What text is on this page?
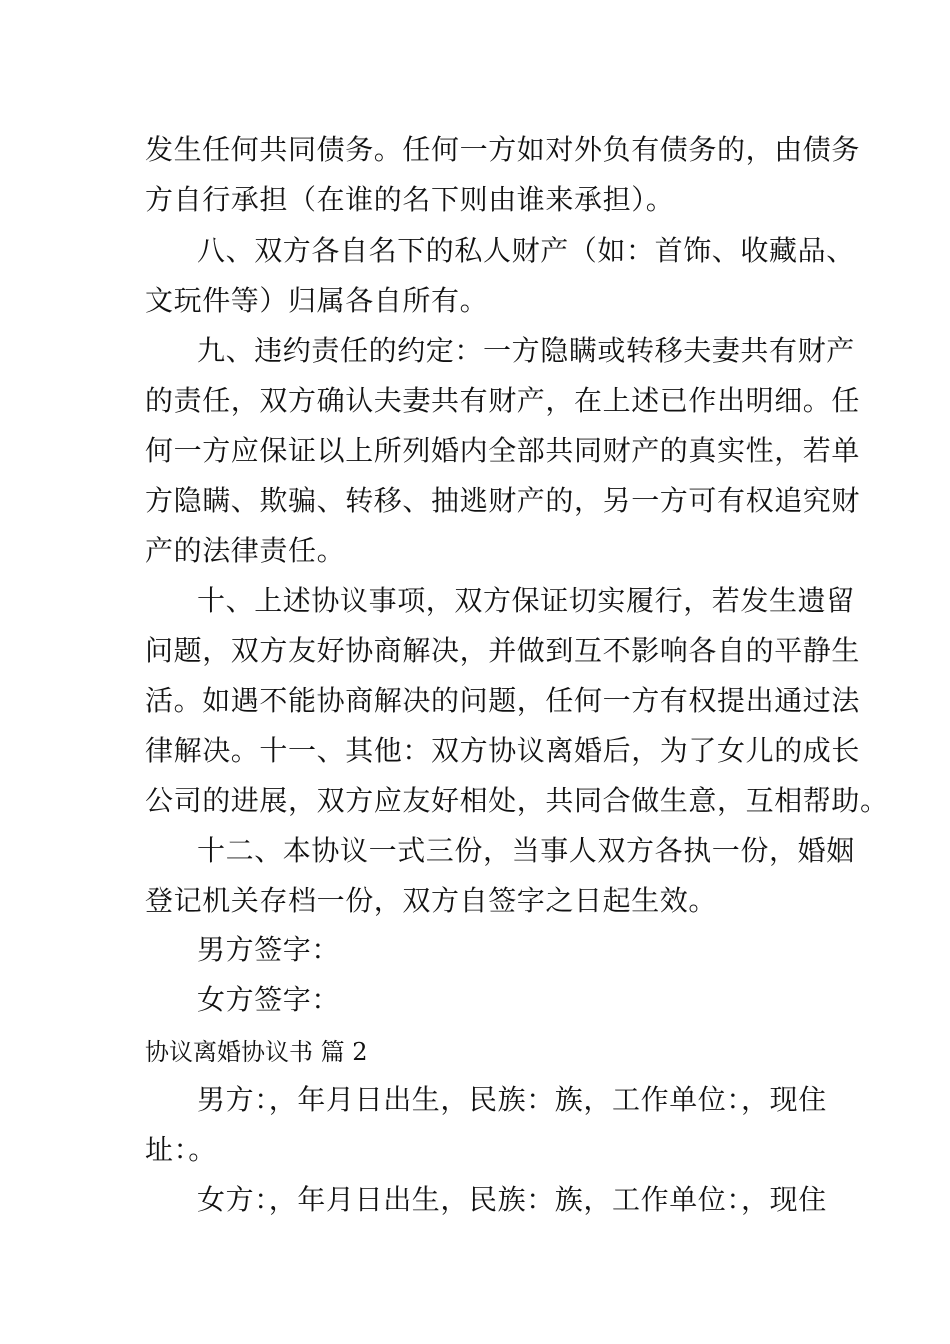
发生任何共同债务。任何一方如对外负有债务的，由债务
方自行承担（在谁的名下则由谁来承担）。
八、双方各自名下的私人财产（如：首饰、收藏品、
文玩件等）归属各自所有。
九、违约责任的约定：一方隐瞒或转移夫妻共有财产
的责任，双方确认夫妻共有财产，在上述已作出明细。任
何一方应保证以上所列婚内全部共同财产的真实性，若单
方隐瞒、欺骗、转移、抽逃财产的，另一方可有权追究财
产的法律责任。
十、上述协议事项，双方保证切实履行，若发生遗留
问题，双方友好协商解决，并做到互不影响各自的平静生
活。如遇不能协商解决的问题，任何一方有权提出通过法
律解决。十一、其他：双方协议离婚后，为了女儿的成长
公司的进展，双方应友好相处，共同合做生意，互相帮助。
十二、本协议一式三份，当事人双方各执一份，婚姻
登记机关存档一份，双方自签字之日起生效。
男方签字：
女方签字：
协议离婚协议书 篇 2
男方：，年月日出生，民族：族，工作单位：，现住
址：。
女方：，年月日出生，民族：族，工作单位：，现住
